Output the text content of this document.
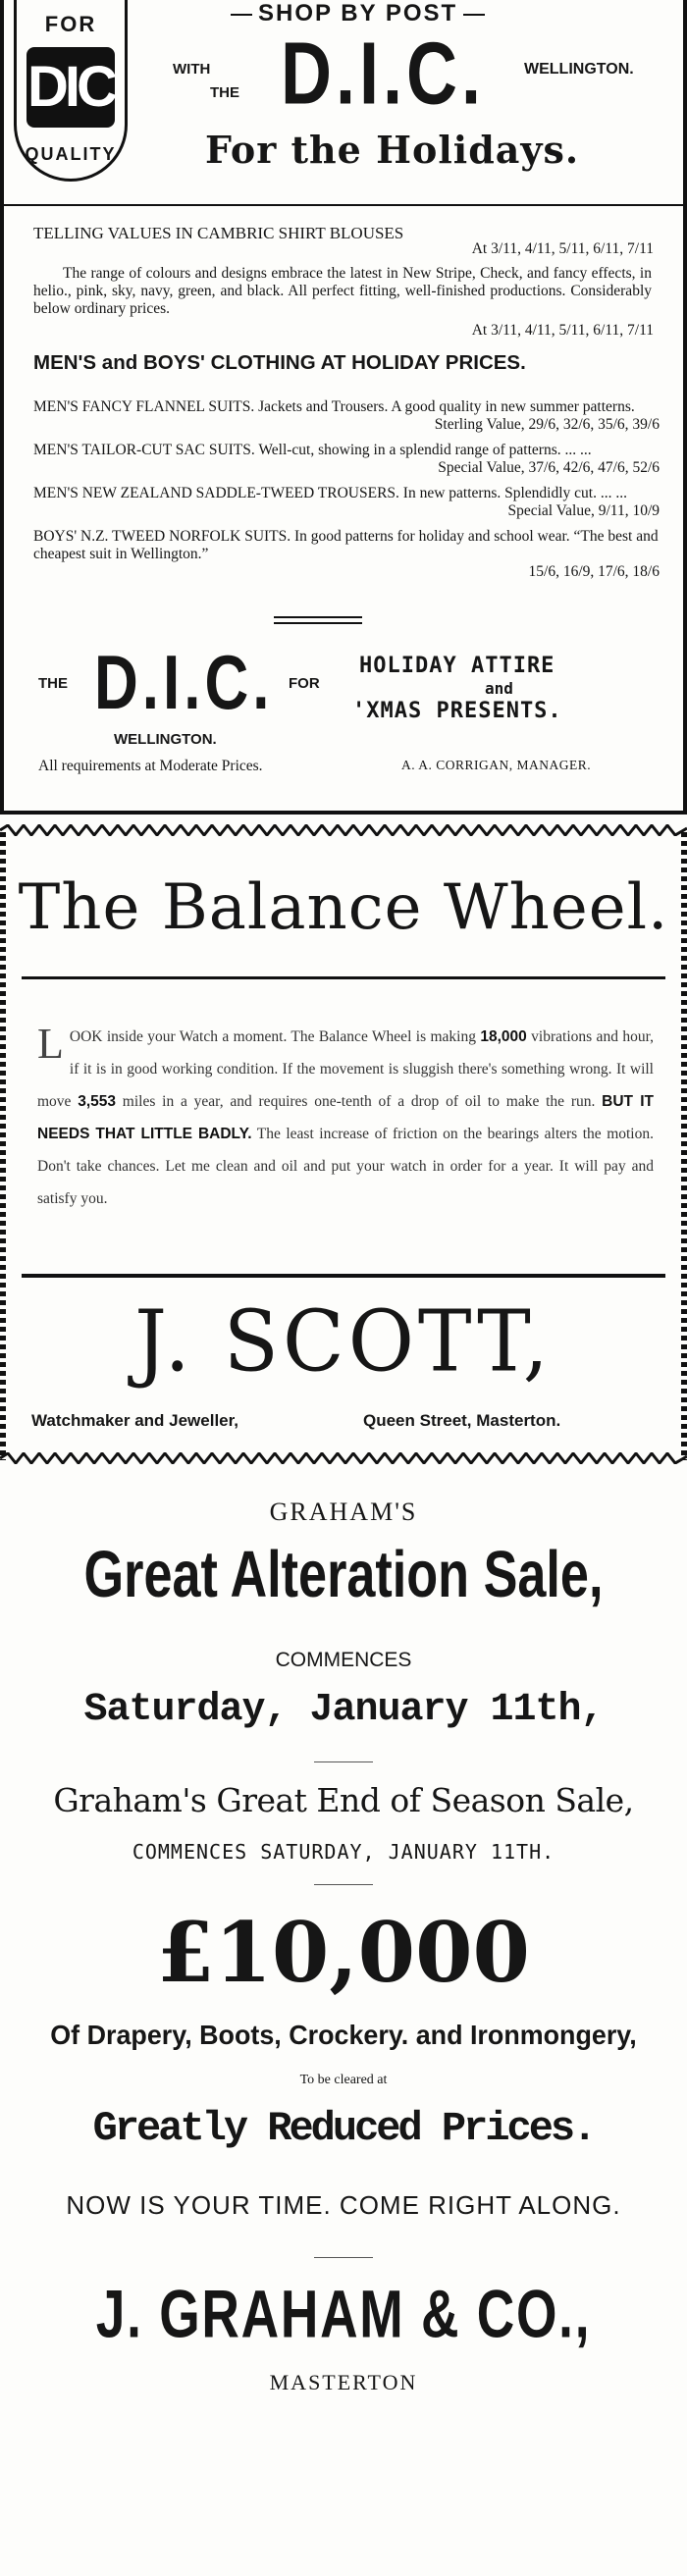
FOR
DIC
QUALITY
SHOP BY POST
WITH
THE D.I.C. WELLINGTON.
For the Holidays.
TELLING VALUES IN CAMBRIC SHIRT BLOUSES
At 3/11, 4/11, 5/11, 6/11, 7/11
The range of colours and designs embrace the latest in New Stripe, Check, and fancy effects, in helio., pink, sky, navy, green, and black. All perfect fitting, well-finished productions. Considerably below ordinary prices.
At 3/11, 4/11, 5/11, 6/11, 7/11
MEN'S and BOYS' CLOTHING AT HOLIDAY PRICES.
MEN'S FANCY FLANNEL SUITS. Jackets and Trousers. A good quality in new summer patterns.
Sterling Value, 29/6, 32/6, 35/6, 39/6
MEN'S TAILOR-CUT SAC SUITS. Well-cut, showing in a splendid range of patterns. ... ...
Special Value, 37/6, 42/6, 47/6, 52/6
MEN'S NEW ZEALAND SADDLE-TWEED TROUSERS. In new patterns. Splendidly cut. ... ...
Special Value, 9/11, 10/9
BOYS' N.Z. TWEED NORFOLK SUITS. In good patterns for holiday and school wear. “The best and cheapest suit in Wellington.”
15/6, 16/9, 17/6, 18/6
THE D.I.C. FOR
WELLINGTON.
HOLIDAY ATTIRE
and
'XMAS PRESENTS.
All requirements at Moderate Prices.	A. A. CORRIGAN, MANAGER.
The Balance Wheel.
LOOK inside your Watch a moment. The Balance Wheel is making 18,000 vibrations and hour, if it is in good working condition. If the movement is sluggish there's something wrong. It will move 3,553 miles in a year, and requires one-tenth of a drop of oil to make the run. BUT IT NEEDS THAT LITTLE BADLY. The least increase of friction on the bearings alters the motion. Don't take chances. Let me clean and oil and put your watch in order for a year. It will pay and satisfy you.
J. SCOTT,
Watchmaker and Jeweller,	Queen Street, Masterton.
GRAHAM'S
Great Alteration Sale,
COMMENCES
Saturday, January 11th,
Graham's Great End of Season Sale,
COMMENCES SATURDAY, JANUARY 11TH.
£10,000
Of Drapery, Boots, Crockery. and Ironmongery,
To be cleared at
Greatly Reduced Prices.
NOW IS YOUR TIME. COME RIGHT ALONG.
J. GRAHAM & CO.,
MASTERTON
